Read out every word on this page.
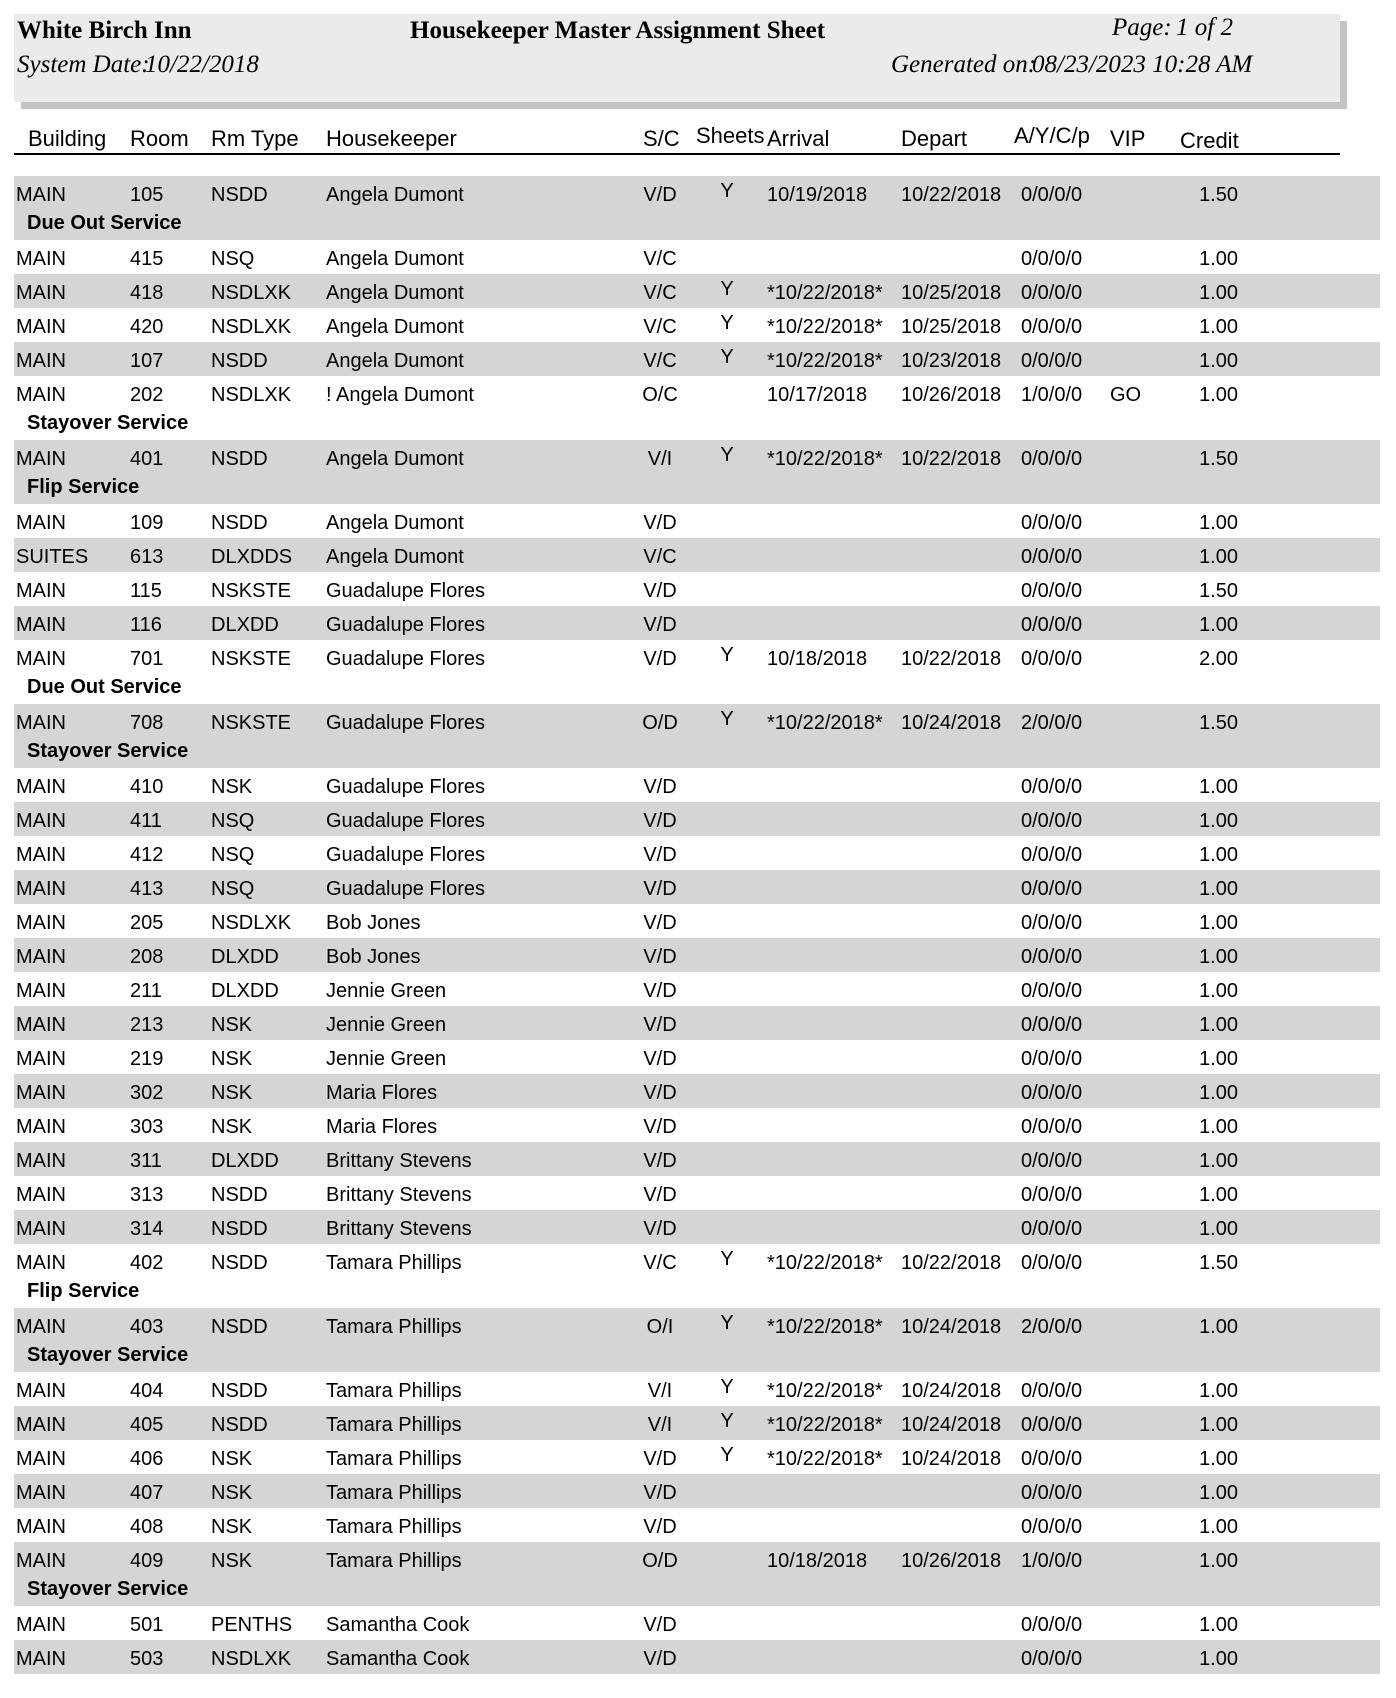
White Birch Inn	Housekeeper Master Assignment Sheet	Page: 1 of 2
System Date:
10/22/2018	Generated on:
08/23/2023 10:28 AM
Building Room Rm Type Housekeeper	S/C Sheets Arrival	Depart A/Y/C/p VIP Credit
MAIN	105 NSDD	Angela Dumont	V/D Y 10/19/2018 10/22/2018 0/0/0/0	1.50
Due Out Service
MAIN	415 NSQ	Angela Dumont	V/C	0/0/0/0	1.00
MAIN	418 NSDLXK Angela Dumont	V/C Y *10/22/2018* 10/25/2018 0/0/0/0	1.00
MAIN	420 NSDLXK Angela Dumont	V/C Y *10/22/2018* 10/25/2018 0/0/0/0	1.00
MAIN	107 NSDD	Angela Dumont	V/C Y *10/22/2018* 10/23/2018 0/0/0/0	1.00
MAIN	202 NSDLXK ! Angela Dumont	O/C	10/17/2018 10/26/2018 1/0/0/0 GO	1.00
Stayover Service
MAIN	401 NSDD	Angela Dumont	V/I Y *10/22/2018* 10/22/2018 0/0/0/0	1.50
Flip Service
MAIN	109 NSDD	Angela Dumont	V/D	0/0/0/0	1.00
SUITES 613 DLXDDS Angela Dumont	V/C	0/0/0/0	1.00
MAIN	115 NSKSTE Guadalupe Flores	V/D	0/0/0/0	1.50
MAIN	116 DLXDD Guadalupe Flores	V/D	0/0/0/0	1.00
MAIN	701 NSKSTE Guadalupe Flores	V/D Y 10/18/2018 10/22/2018 0/0/0/0	2.00
Due Out Service
MAIN	708 NSKSTE Guadalupe Flores	O/D Y *10/22/2018* 10/24/2018 2/0/0/0	1.50
Stayover Service
MAIN	410 NSK	Guadalupe Flores	V/D	0/0/0/0	1.00
MAIN	411 NSQ	Guadalupe Flores	V/D	0/0/0/0	1.00
MAIN	412 NSQ	Guadalupe Flores	V/D	0/0/0/0	1.00
MAIN	413 NSQ	Guadalupe Flores	V/D	0/0/0/0	1.00
MAIN	205 NSDLXK Bob Jones	V/D	0/0/0/0	1.00
MAIN	208 DLXDD Bob Jones	V/D	0/0/0/0	1.00
MAIN	211 DLXDD Jennie Green	V/D	0/0/0/0	1.00
MAIN	213 NSK	Jennie Green	V/D	0/0/0/0	1.00
MAIN	219 NSK	Jennie Green	V/D	0/0/0/0	1.00
MAIN	302 NSK	Maria Flores	V/D	0/0/0/0	1.00
MAIN	303 NSK	Maria Flores	V/D	0/0/0/0	1.00
MAIN	311 DLXDD Brittany Stevens	V/D	0/0/0/0	1.00
MAIN	313 NSDD	Brittany Stevens	V/D	0/0/0/0	1.00
MAIN	314 NSDD	Brittany Stevens	V/D	0/0/0/0	1.00
MAIN	402 NSDD	Tamara Phillips	V/C Y *10/22/2018* 10/22/2018 0/0/0/0	1.50
Flip Service
MAIN	403 NSDD	Tamara Phillips	O/I Y *10/22/2018* 10/24/2018 2/0/0/0	1.00
Stayover Service
MAIN	404 NSDD	Tamara Phillips	V/I Y *10/22/2018* 10/24/2018 0/0/0/0	1.00
MAIN	405 NSDD	Tamara Phillips	V/I Y *10/22/2018* 10/24/2018 0/0/0/0	1.00
MAIN	406 NSK	Tamara Phillips	V/D Y *10/22/2018* 10/24/2018 0/0/0/0	1.00
MAIN	407 NSK	Tamara Phillips	V/D	0/0/0/0	1.00
MAIN	408 NSK	Tamara Phillips	V/D	0/0/0/0	1.00
MAIN	409 NSK	Tamara Phillips	O/D	10/18/2018 10/26/2018 1/0/0/0	1.00
Stayover Service
MAIN	501 PENTHS Samantha Cook	V/D	0/0/0/0	1.00
MAIN	503 NSDLXK Samantha Cook	V/D	0/0/0/0	1.00
